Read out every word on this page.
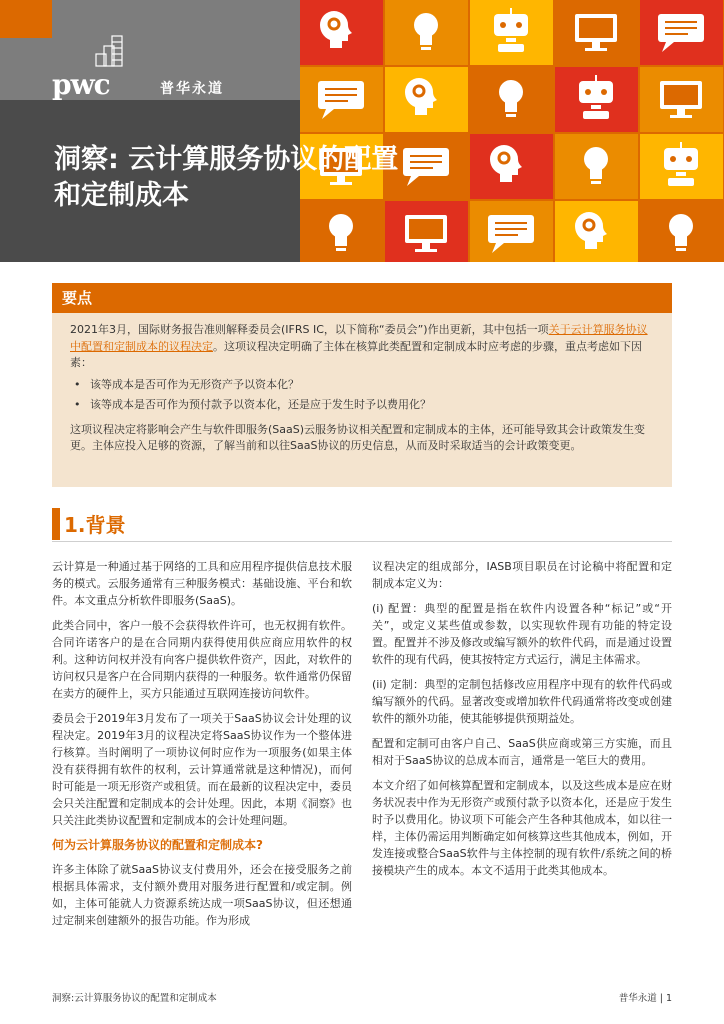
pwc	普华永道
洞察: 云计算服务协议的配置
和定制成本
要点

2021年3月，国际财务报告准则解释委员会(IFRS IC，以下简称“委员会”)作出更新，其中包括一项关于云计算服务协议中配置和定制成本的议程决定。这项议程决定明确了主体在核算此类配置和定制成本时应考虑的步骤，重点考虑如下因素：

• 该等成本是否可作为无形资产予以资本化？
• 该等成本是否可作为预付款予以资本化，还是应于发生时予以费用化？

这项议程决定将影响会产生与软件即服务(SaaS)云服务协议相关配置和定制成本的主体，还可能导致其会计政策发生变更。主体应投入足够的资源，了解当前和以往SaaS协议的历史信息，从而及时采取适当的会计政策变更。

1.背景

云计算是一种通过基于网络的工具和应用程序提供信息技术服务的模式。云服务通常有三种服务模式：基础设施、平台和软件。本文重点分析软件即服务(SaaS)。

此类合同中，客户一般不会获得软件许可，也无权拥有软件。合同许诺客户的是在合同期内获得使用供应商应用软件的权利。这种访问权并没有向客户提供软件资产，因此，对软件的访问权只是客户在合同期内获得的一种服务。软件通常仍保留在卖方的硬件上，买方只能通过互联网连接访问软件。

委员会于2019年3月发布了一项关于SaaS协议会计处理的议程决定。2019年3月的议程决定将SaaS协议作为一个整体进行核算。当时阐明了一项协议何时应作为一项服务(如果主体没有获得拥有软件的权利，云计算通常就是这种情况)，而何时可能是一项无形资产或租赁。而在最新的议程决定中，委员会只关注配置和定制成本的会计处理。因此，本期《洞察》也只关注此类协议配置和定制成本的会计处理问题。

何为云计算服务协议的配置和定制成本?

许多主体除了就SaaS协议支付费用外，还会在接受服务之前根据具体需求，支付额外费用对服务进行配置和/或定制。例如，主体可能就人力资源系统达成一项SaaS协议，但还想通过定制来创建额外的报告功能。作为形成

议程决定的组成部分，IASB项目职员在讨论稿中将配置和定制成本定义为：

(i) 配置：典型的配置是指在软件内设置各种“标记”或“开关”，或定义某些值或参数，以实现软件现有功能的特定设置。配置并不涉及修改或编写额外的软件代码，而是通过设置软件的现有代码，使其按特定方式运行，满足主体需求。

(ii) 定制：典型的定制包括修改应用程序中现有的软件代码或编写额外的代码。显著改变或增加软件代码通常将改变或创建软件的额外功能，使其能够提供预期益处。

配置和定制可由客户自己、SaaS供应商或第三方实施，而且相对于SaaS协议的总成本而言，通常是一笔巨大的费用。

本文介绍了如何核算配置和定制成本，以及这些成本是应在财务状况表中作为无形资产或预付款予以资本化，还是应于发生时予以费用化。协议项下可能会产生各种其他成本，如以往一样，主体仍需运用判断确定如何核算这些其他成本，例如，开发连接或整合SaaS软件与主体控制的现有软件/系统之间的桥接模块产生的成本。本文不适用于此类其他成本。

洞察:云计算服务协议的配置和定制成本	普华永道 | 1
